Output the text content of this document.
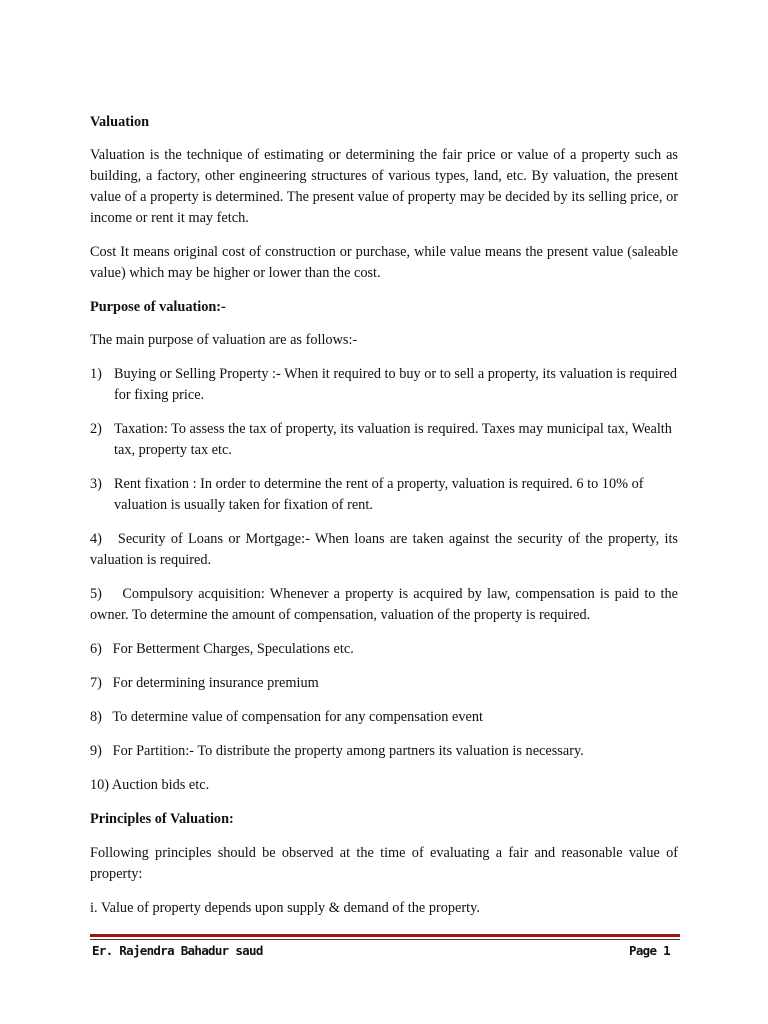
Valuation

Valuation is the technique of estimating or determining the fair price or value of a property such as building, a factory, other engineering structures of various types, land, etc. By valuation, the present value of a property is determined. The present value of property may be decided by its selling price, or income or rent it may fetch.

Cost It means original cost of construction or purchase, while value means the present value (saleable value) which may be higher or lower than the cost.

Purpose of valuation:-

The main purpose of valuation are as follows:-

1) Buying or Selling Property :- When it required to buy or to sell a property, its valuation is required for fixing price.
2) Taxation: To assess the tax of property, its valuation is required. Taxes may municipal tax, Wealth tax, property tax etc.
3) Rent fixation : In order to determine the rent of a property, valuation is required. 6 to 10% of valuation is usually taken for fixation of rent.

4) Security of Loans or Mortgage:- When loans are taken against the security of the property, its valuation is required.

5) Compulsory acquisition: Whenever a property is acquired by law, compensation is paid to the owner. To determine the amount of compensation, valuation of the property is required.

6) For Betterment Charges, Speculations etc.

7) For determining insurance premium

8) To determine value of compensation for any compensation event

9) For Partition:- To distribute the property among partners its valuation is necessary.

10) Auction bids etc.

Principles of Valuation:

Following principles should be observed at the time of evaluating a fair and reasonable value of property:

i. Value of property depends upon supply & demand of the property.

Er. Rajendra Bahadur saud	Page 1
